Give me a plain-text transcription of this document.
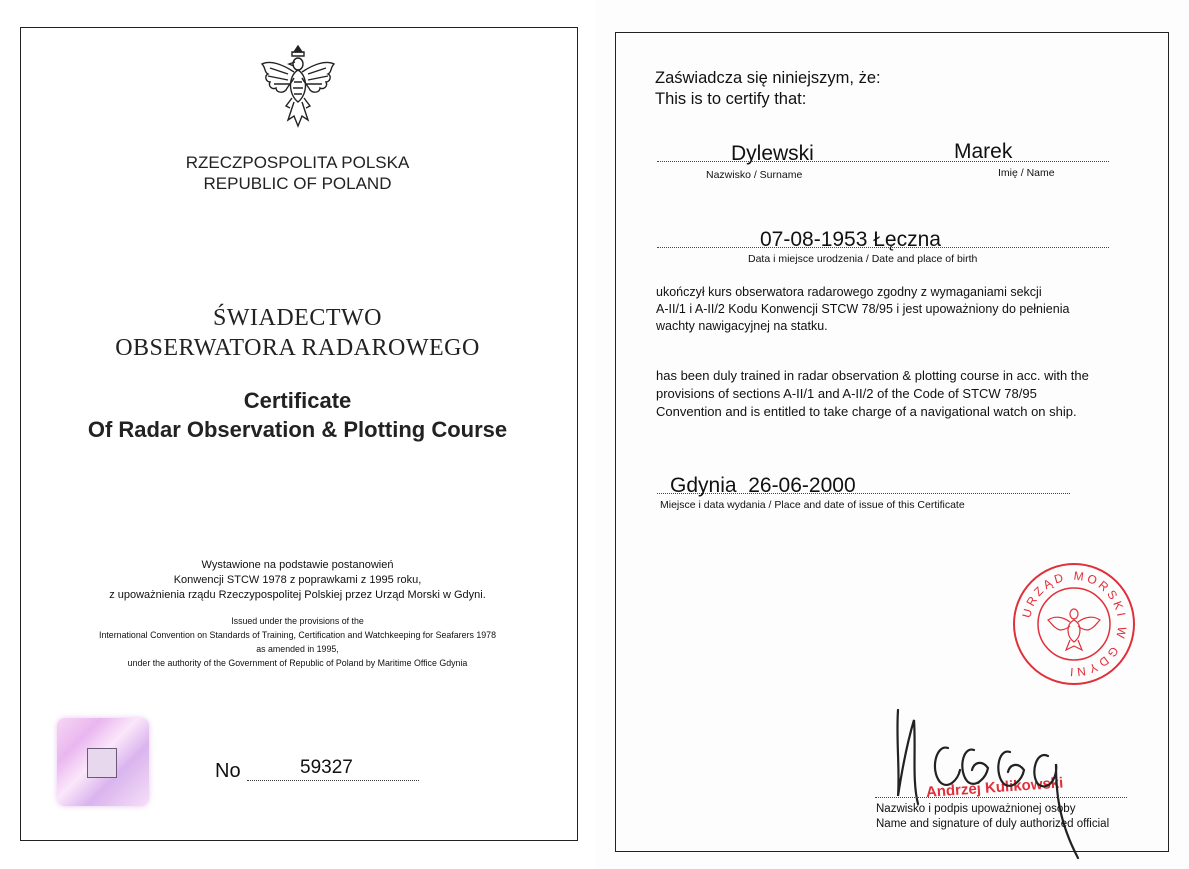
RZECZPOSPOLITA POLSKA
REPUBLIC OF POLAND
ŚWIADECTWO
OBSERWATORA RADAROWEGO
Certificate
Of Radar Observation & Plotting Course
Wystawione na podstawie postanowień
Konwencji STCW 1978 z poprawkami z 1995 roku,
z upoważnienia rządu Rzeczypospolitej Polskiej przez Urząd Morski w Gdyni.
Issued under the provisions of the
International Convention on Standards of Training, Certification and Watchkeeping for Seafarers 1978
as amended in 1995,
under the authority of the Government of Republic of Poland by Maritime Office Gdynia
No	59327
Zaświadcza się niniejszym, że:
This is to certify that:
Dylewski	Marek
Nazwisko / Surname	Imię / Name
07-08-1953 Łęczna
Data i miejsce urodzenia / Date and place of birth
ukończył kurs obserwatora radarowego zgodny z wymaganiami sekcji
A-II/1 i A-II/2 Kodu Konwencji STCW 78/95 i jest upoważniony do pełnienia
wachty nawigacyjnej na statku.
has been duly trained in radar observation & plotting course in acc. with the
provisions of sections A-II/1 and A-II/2 of the Code of STCW 78/95
Convention and is entitled to take charge of a navigational watch on ship.
Gdynia  26-06-2000
Miejsce i data wydania / Place and date of issue of this Certificate
URZĄD MORSKI W GDYNI
Andrzej Kulikowski
Nazwisko i podpis upoważnionej osoby
Name and signature of duly authorized official
